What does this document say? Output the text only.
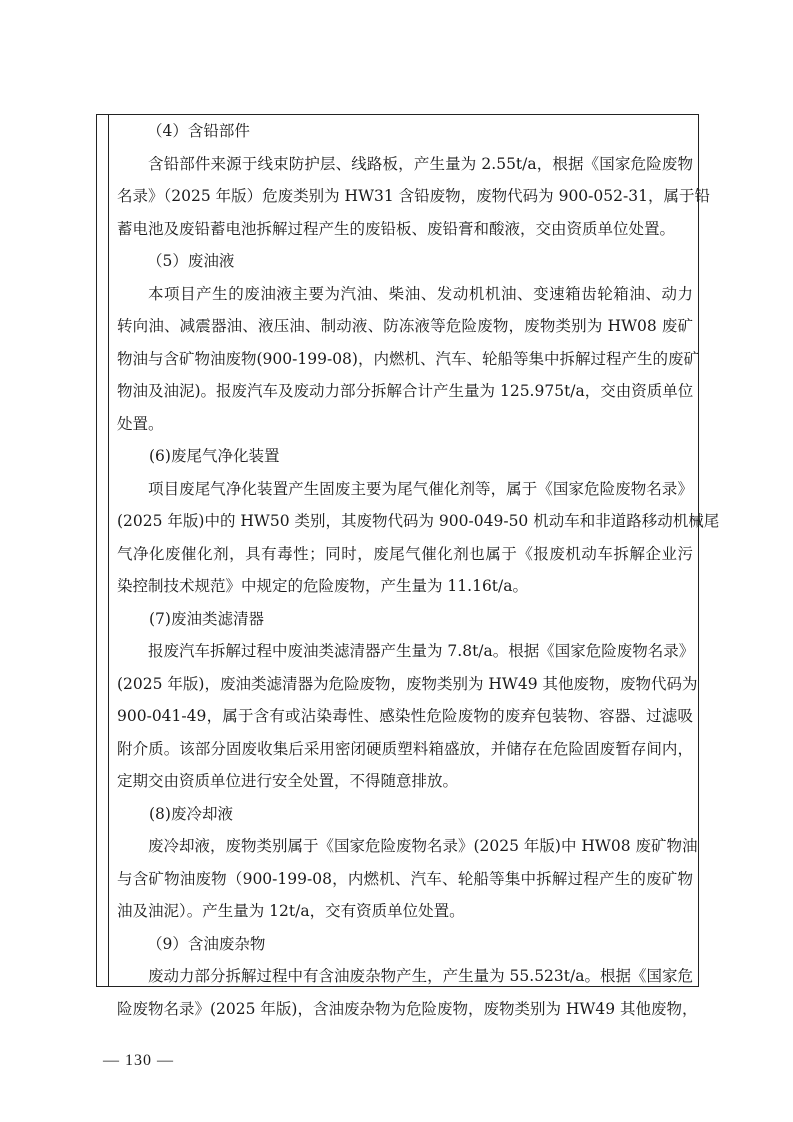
（4）含铅部件

含铅部件来源于线束防护层、线路板，产生量为 2.55t/a，根据《国家危险废物

名录》（2025 年版）危废类别为 HW31 含铅废物，废物代码为 900-052-31，属于铅

蓄电池及废铅蓄电池拆解过程产生的废铅板、废铅膏和酸液，交由资质单位处置。

（5）废油液

本项目产生的废油液主要为汽油、柴油、发动机机油、变速箱齿轮箱油、动力

转向油、减震器油、液压油、制动液、防冻液等危险废物，废物类别为 HW08 废矿

物油与含矿物油废物(900-199-08)，内燃机、汽车、轮船等集中拆解过程产生的废矿

物油及油泥)。报废汽车及废动力部分拆解合计产生量为 125.975t/a，交由资质单位

处置。

(6)废尾气净化装置

项目废尾气净化装置产生固废主要为尾气催化剂等，属于《国家危险废物名录》

(2025 年版)中的 HW50 类别，其废物代码为 900-049-50 机动车和非道路移动机械尾

气净化废催化剂，具有毒性；同时，废尾气催化剂也属于《报废机动车拆解企业污

染控制技术规范》中规定的危险废物，产生量为 11.16t/a。

(7)废油类滤清器

报废汽车拆解过程中废油类滤清器产生量为 7.8t/a。根据《国家危险废物名录》

(2025 年版)，废油类滤清器为危险废物，废物类别为 HW49 其他废物，废物代码为

900-041-49，属于含有或沾染毒性、感染性危险废物的废弃包装物、容器、过滤吸

附介质。该部分固废收集后采用密闭硬质塑料箱盛放，并储存在危险固废暂存间内，

定期交由资质单位进行安全处置，不得随意排放。

(8)废冷却液

废冷却液，废物类别属于《国家危险废物名录》(2025 年版)中 HW08 废矿物油

与含矿物油废物（900-199-08，内燃机、汽车、轮船等集中拆解过程产生的废矿物

油及油泥）。产生量为 12t/a，交有资质单位处置。

（9）含油废杂物

废动力部分拆解过程中有含油废杂物产生，产生量为 55.523t/a。根据《国家危

险废物名录》(2025 年版)，含油废杂物为危险废物，废物类别为 HW49 其他废物，

— 130 —
